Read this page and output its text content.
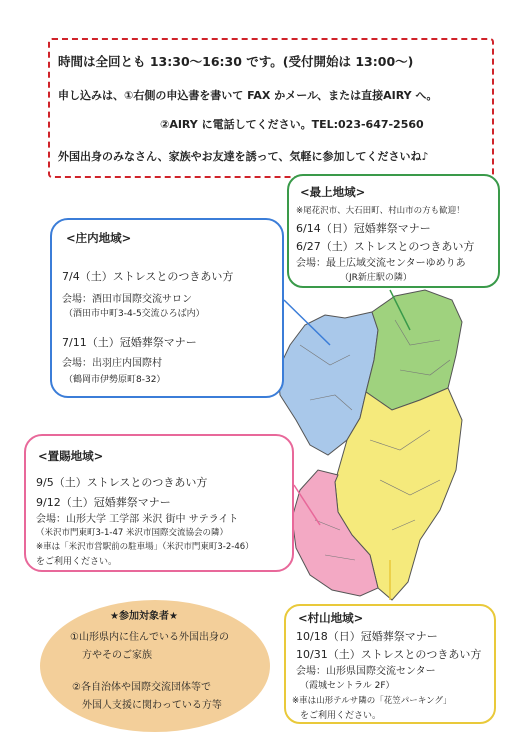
時間は全回とも 13:30～16:30 です。(受付開始は 13:00～)
申し込みは、①右側の申込書を書いて FAX かメール、または直接AIRY へ。
②AIRY に電話してください。TEL:023-647-2560
外国出身のみなさん、家族やお友達を誘って、気軽に参加してくださいね♪
<庄内地域>
7/4（土）ストレスとのつきあい方
会場：酒田市国際交流サロン
（酒田市中町3-4-5交流ひろば内）
7/11（土）冠婚葬祭マナー
会場：出羽庄内国際村
（鶴岡市伊勢原町8-32）
<最上地域>
※尾花沢市、大石田町、村山市の方も歓迎！
6/14（日）冠婚葬祭マナー
6/27（土）ストレスとのつきあい方
会場：最上広域交流センターゆめりあ
（JR新庄駅の隣）
<置賜地域>
9/5（土）ストレスとのつきあい方
9/12（土）冠婚葬祭マナー
会場：山形大学 工学部 米沢 街中 サテライト
（米沢市門東町3-1-47 米沢市国際交流協会の隣）
※車は「米沢市営駅前の駐車場」（米沢市門東町3-2-46）
をご利用ください。
★参加対象者★
①山形県内に住んでいる外国出身の
方やそのご家族
②各自治体や国際交流団体等で
外国人支援に関わっている方等
<村山地域>
10/18（日）冠婚葬祭マナー
10/31（土）ストレスとのつきあい方
会場：山形県国際交流センター
（霞城セントラル 2F）
※車は山形テルサ隣の「花笠パーキング」
をご利用ください。
